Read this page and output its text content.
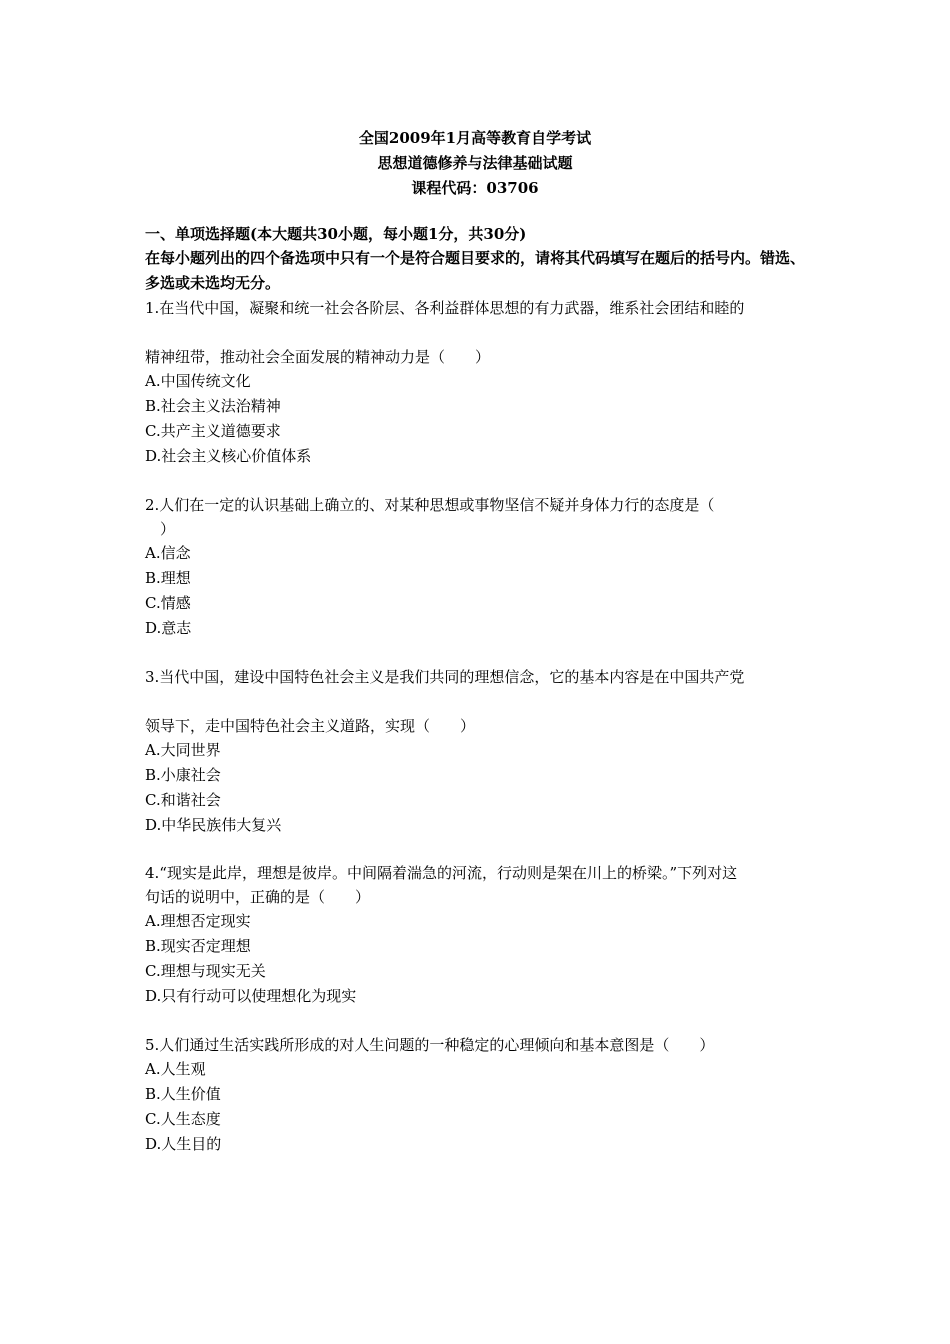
全国2009年1月高等教育自学考试
思想道德修养与法律基础试题
课程代码：03706

一、单项选择题(本大题共30小题，每小题1分，共30分)

在每小题列出的四个备选项中只有一个是符合题目要求的，请将其代码填写在题后的括号内。错选、多选或未选均无分。

1.在当代中国，凝聚和统一社会各阶层、各利益群体思想的有力武器，维系社会团结和睦的

精神纽带，推动社会全面发展的精神动力是（　　）

A.中国传统文化

B.社会主义法治精神

C.共产主义道德要求

D.社会主义核心价值体系

2.人们在一定的认识基础上确立的、对某种思想或事物坚信不疑并身体力行的态度是（

　）

A.信念

B.理想

C.情感

D.意志

3.当代中国，建设中国特色社会主义是我们共同的理想信念，它的基本内容是在中国共产党

领导下，走中国特色社会主义道路，实现（　　）

A.大同世界

B.小康社会

C.和谐社会

D.中华民族伟大复兴

4.“现实是此岸，理想是彼岸。中间隔着湍急的河流，行动则是架在川上的桥梁。”下列对这

句话的说明中，正确的是（　　）

A.理想否定现实

B.现实否定理想

C.理想与现实无关

D.只有行动可以使理想化为现实

5.人们通过生活实践所形成的对人生问题的一种稳定的心理倾向和基本意图是（　　）

A.人生观

B.人生价值

C.人生态度

D.人生目的
